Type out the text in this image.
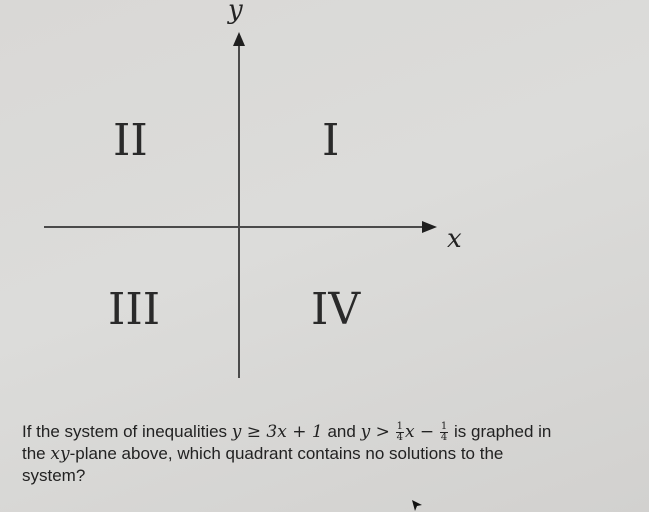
y
x
II	I
III	IV
If the system of inequalities y ≥ 3x + 1 and $y > \frac{1}{4}$ $x - \frac{1}{4}$ is graphed in
the xy-plane above, which quadrant contains no solutions to the
system?
